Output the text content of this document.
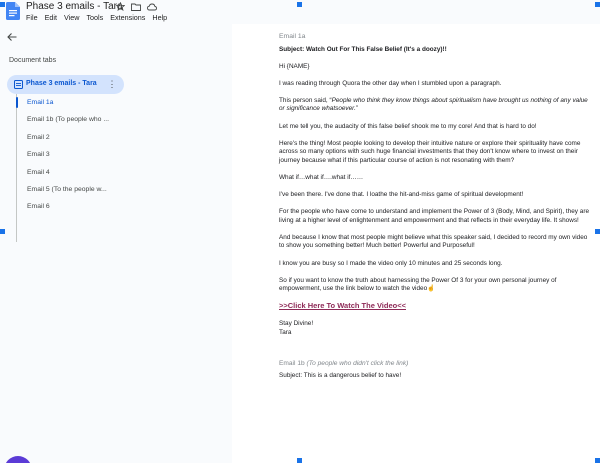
Phase 3 emails - Tara
File Edit View Tools Extensions Help
Document tabs
Phase 3 emails - Tara ⋮
Email 1a
Email 1b (To people who ...
Email 2
Email 3
Email 4
Email 5 (To the people w...
Email 6

Email 1a

Subject: Watch Out For This False Belief (It's a doozy)!!

Hi {NAME}

I was reading through Quora the other day when I stumbled upon a paragraph.

This person said, “People who think they know things about spiritualism have brought us nothing of any value or significance whatsoever.”

Let me tell you, the audacity of this false belief shook me to my core! And that is hard to do!

Here's the thing! Most people looking to develop their intuitive nature or explore their spirituality have come across so many options with such huge financial investments that they don't know where to invest on their journey because what if this particular course of action is not resonating with them?

What if…what if….what if……

I've been there. I've done that. I loathe the hit-and-miss game of spiritual development!

For the people who have come to understand and implement the Power of 3 (Body, Mind, and Spirit), they are living at a higher level of enlightenment and empowerment and that reflects in their everyday life. It shows!

And because I know that most people might believe what this speaker said, I decided to record my own video to show you something better! Much better! Powerful and Purposeful!

I know you are busy so I made the video only 10 minutes and 25 seconds long.

So if you want to know the truth about harnessing the Power Of 3 for your own personal journey of empowerment, use the link below to watch the video☝

>>Click Here To Watch The Video<<

Stay Divine!

Tara

Email 1b (To people who didn't click the link)

Subject: This is a dangerous belief to have!
